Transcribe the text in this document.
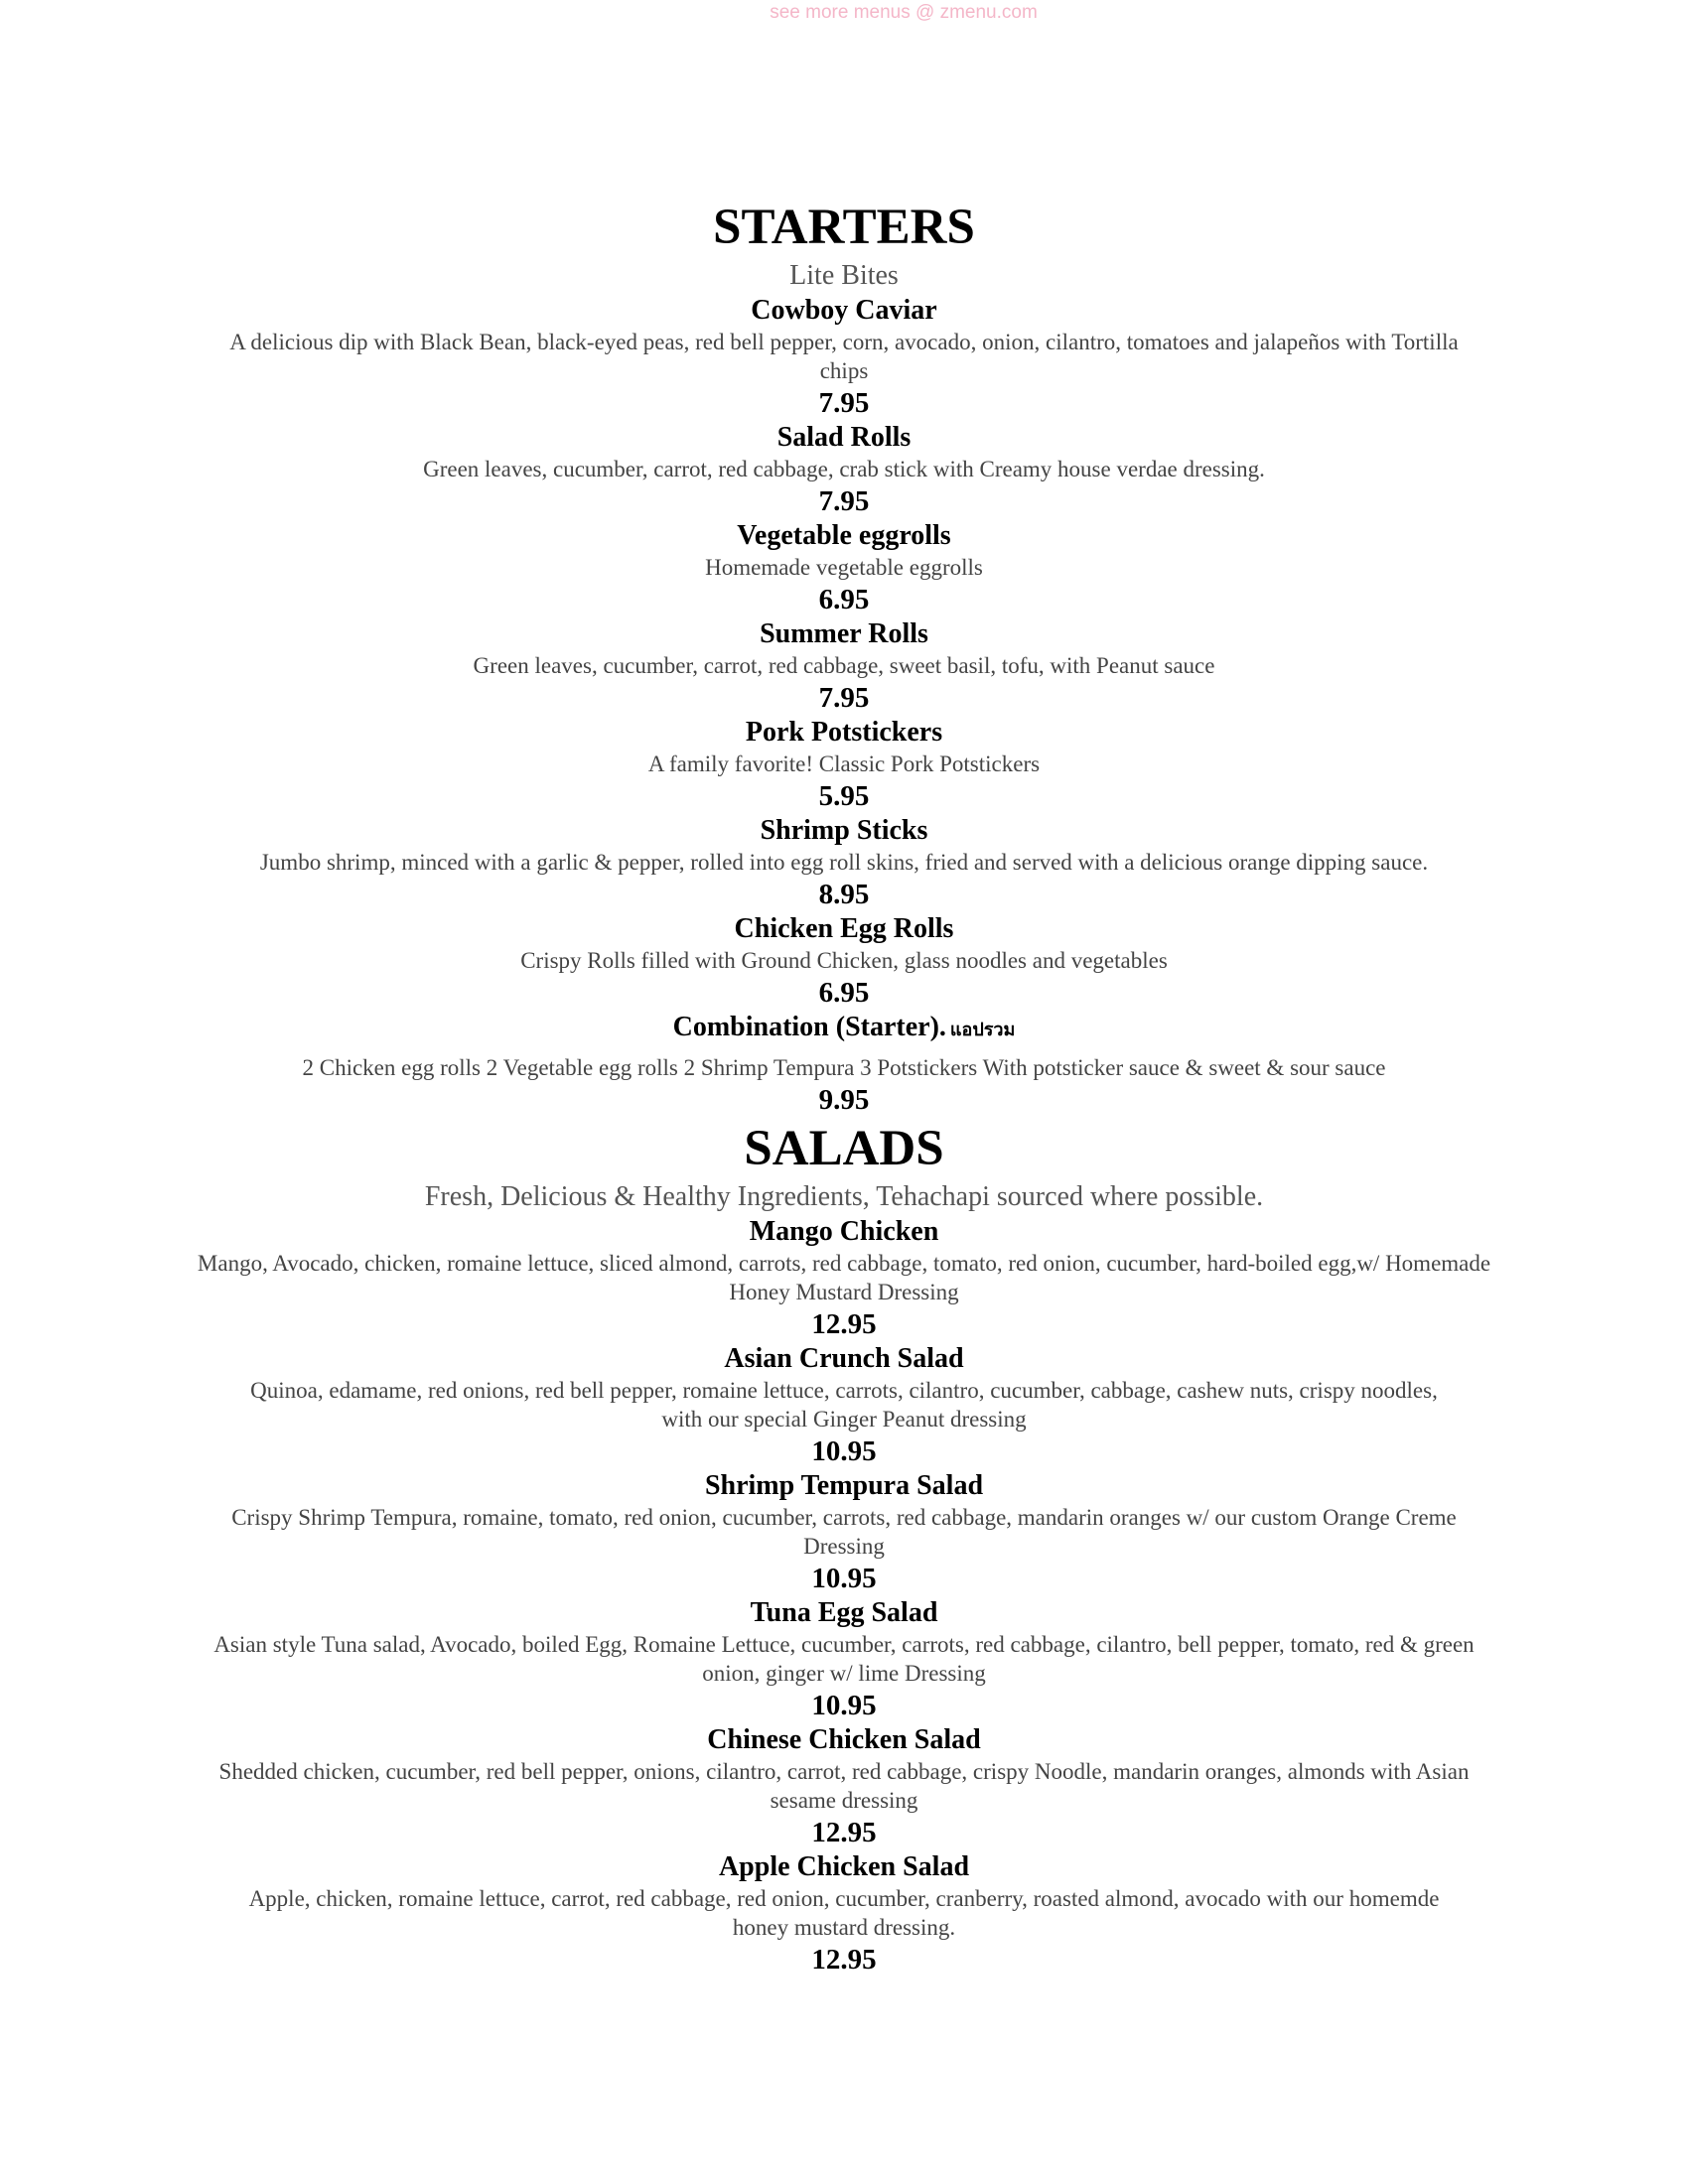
see more menus @ zmenu.com
STARTERS
Lite Bites
Cowboy Caviar
A delicious dip with Black Bean, black-eyed peas, red bell pepper, corn, avocado, onion, cilantro, tomatoes and jalapeños with Tortilla chips
7.95
Salad Rolls
Green leaves, cucumber, carrot, red cabbage, crab stick with Creamy house verdae dressing.
7.95
Vegetable eggrolls
Homemade vegetable eggrolls
6.95
Summer Rolls
Green leaves, cucumber, carrot, red cabbage, sweet basil, tofu, with Peanut sauce
7.95
Pork Potstickers
A family favorite! Classic Pork Potstickers
5.95
Shrimp Sticks
Jumbo shrimp, minced with a garlic & pepper, rolled into egg roll skins, fried and served with a delicious orange dipping sauce.
8.95
Chicken Egg Rolls
Crispy Rolls filled with Ground Chicken, glass noodles and vegetables
6.95
Combination (Starter). แอปรวม
2 Chicken egg rolls 2 Vegetable egg rolls 2 Shrimp Tempura 3 Potstickers With potsticker sauce & sweet & sour sauce
9.95
SALADS
Fresh, Delicious & Healthy Ingredients, Tehachapi sourced where possible.
Mango Chicken
Mango, Avocado, chicken, romaine lettuce, sliced almond, carrots, red cabbage, tomato, red onion, cucumber, hard-boiled egg,w/ Homemade Honey Mustard Dressing
12.95
Asian Crunch Salad
Quinoa, edamame, red onions, red bell pepper, romaine lettuce, carrots, cilantro, cucumber, cabbage, cashew nuts, crispy noodles, with our special Ginger Peanut dressing
10.95
Shrimp Tempura Salad
Crispy Shrimp Tempura, romaine, tomato, red onion, cucumber, carrots, red cabbage, mandarin oranges w/ our custom Orange Creme Dressing
10.95
Tuna Egg Salad
Asian style Tuna salad, Avocado, boiled Egg, Romaine Lettuce, cucumber, carrots, red cabbage, cilantro, bell pepper, tomato, red & green onion, ginger w/ lime Dressing
10.95
Chinese Chicken Salad
Shedded chicken, cucumber, red bell pepper, onions, cilantro, carrot, red cabbage, crispy Noodle, mandarin oranges, almonds with Asian sesame dressing
12.95
Apple Chicken Salad
Apple, chicken, romaine lettuce, carrot, red cabbage, red onion, cucumber, cranberry, roasted almond, avocado with our homemde honey mustard dressing.
12.95
